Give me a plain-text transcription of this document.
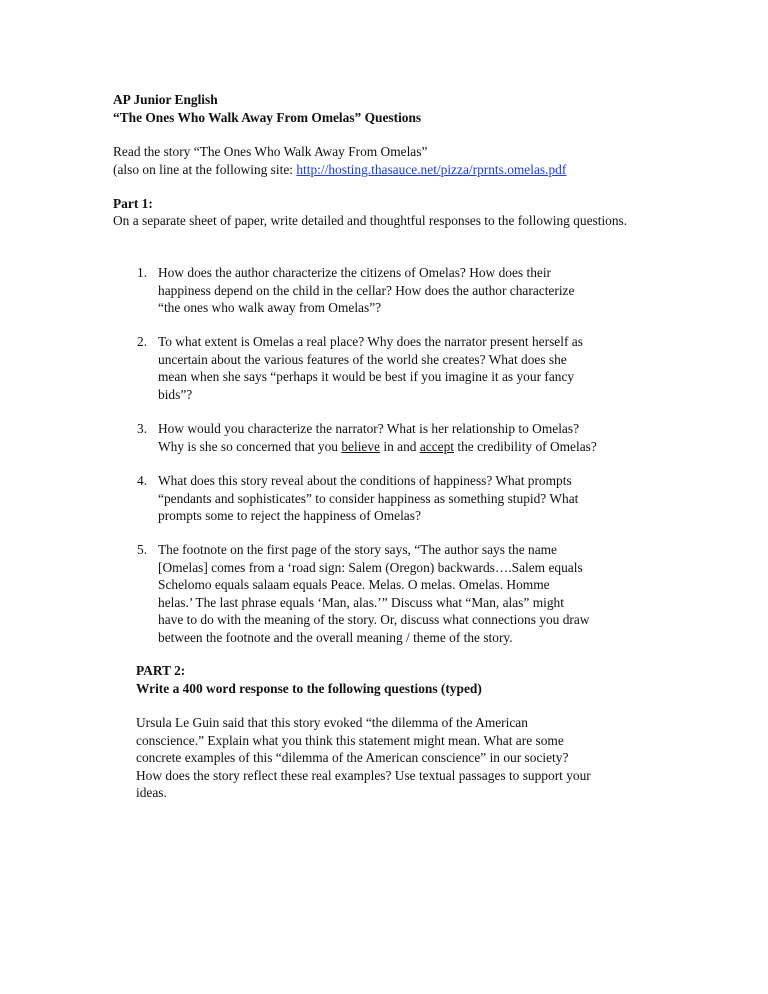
AP Junior English
“The Ones Who Walk Away From Omelas” Questions
Read the story “The Ones Who Walk Away From Omelas”
(also on line at the following site: http://hosting.thasauce.net/pizza/rprnts.omelas.pdf
Part 1:
On a separate sheet of paper, write detailed and thoughtful responses to the following questions.
1. How does the author characterize the citizens of Omelas? How does their

happiness depend on the child in the cellar? How does the author characterize

“the ones who walk away from Omelas”?

2. To what extent is Omelas a real place? Why does the narrator present herself as

uncertain about the various features of the world she creates? What does she

mean when she says “perhaps it would be best if you imagine it as your fancy

bids”?

3. How would you characterize the narrator? What is her relationship to Omelas?

Why is she so concerned that you believe in and accept the credibility of Omelas?

4. What does this story reveal about the conditions of happiness? What prompts

“pendants and sophisticates” to consider happiness as something stupid? What

prompts some to reject the happiness of Omelas?

5. The footnote on the first page of the story says, “The author says the name

[Omelas] comes from a ‘road sign: Salem (Oregon) backwards….Salem equals

Schelomo equals salaam equals Peace. Melas. O melas. Omelas. Homme

helas.’ The last phrase equals ‘Man, alas.’” Discuss what “Man, alas” might

have to do with the meaning of the story. Or, discuss what connections you draw

between the footnote and the overall meaning / theme of the story.

PART 2:
Write a 400 word response to the following questions (typed)
Ursula Le Guin said that this story evoked “the dilemma of the American
conscience.” Explain what you think this statement might mean. What are some
concrete examples of this “dilemma of the American conscience” in our society?
How does the story reflect these real examples? Use textual passages to support your
ideas.
